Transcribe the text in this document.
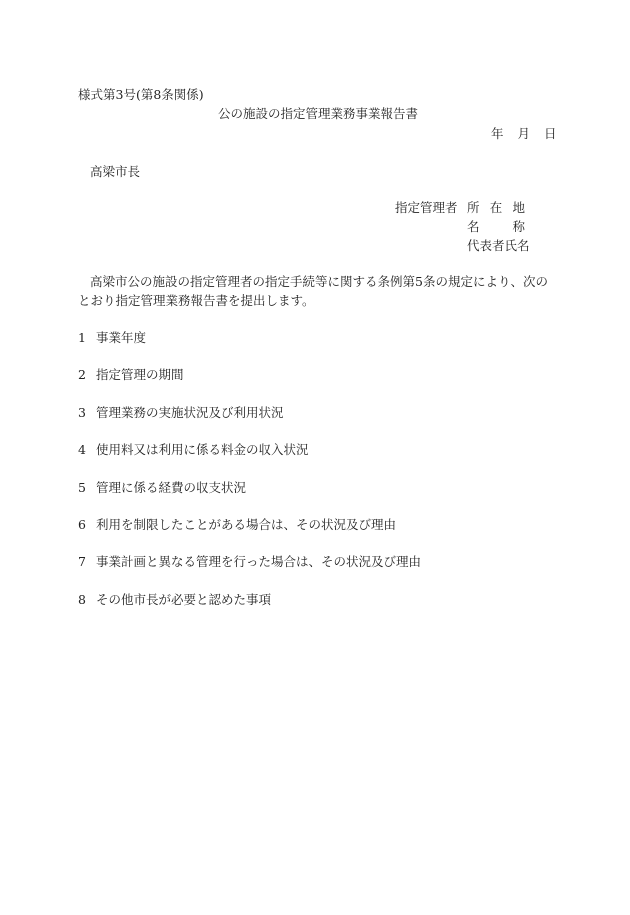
様式第3号(第8条関係)
公の施設の指定管理業務事業報告書
年 月 日
高梁市長
指定管理者 所 在 地
名	称
代表者氏名
高梁市公の施設の指定管理者の指定手続等に関する条例第5条の規定により、次のとおり指定管理業務報告書を提出します。
1 事業年度
2 指定管理の期間
3 管理業務の実施状況及び利用状況
4 使用料又は利用に係る料金の収入状況
5 管理に係る経費の収支状況
6 利用を制限したことがある場合は、その状況及び理由
7 事業計画と異なる管理を行った場合は、その状況及び理由
8 その他市長が必要と認めた事項
